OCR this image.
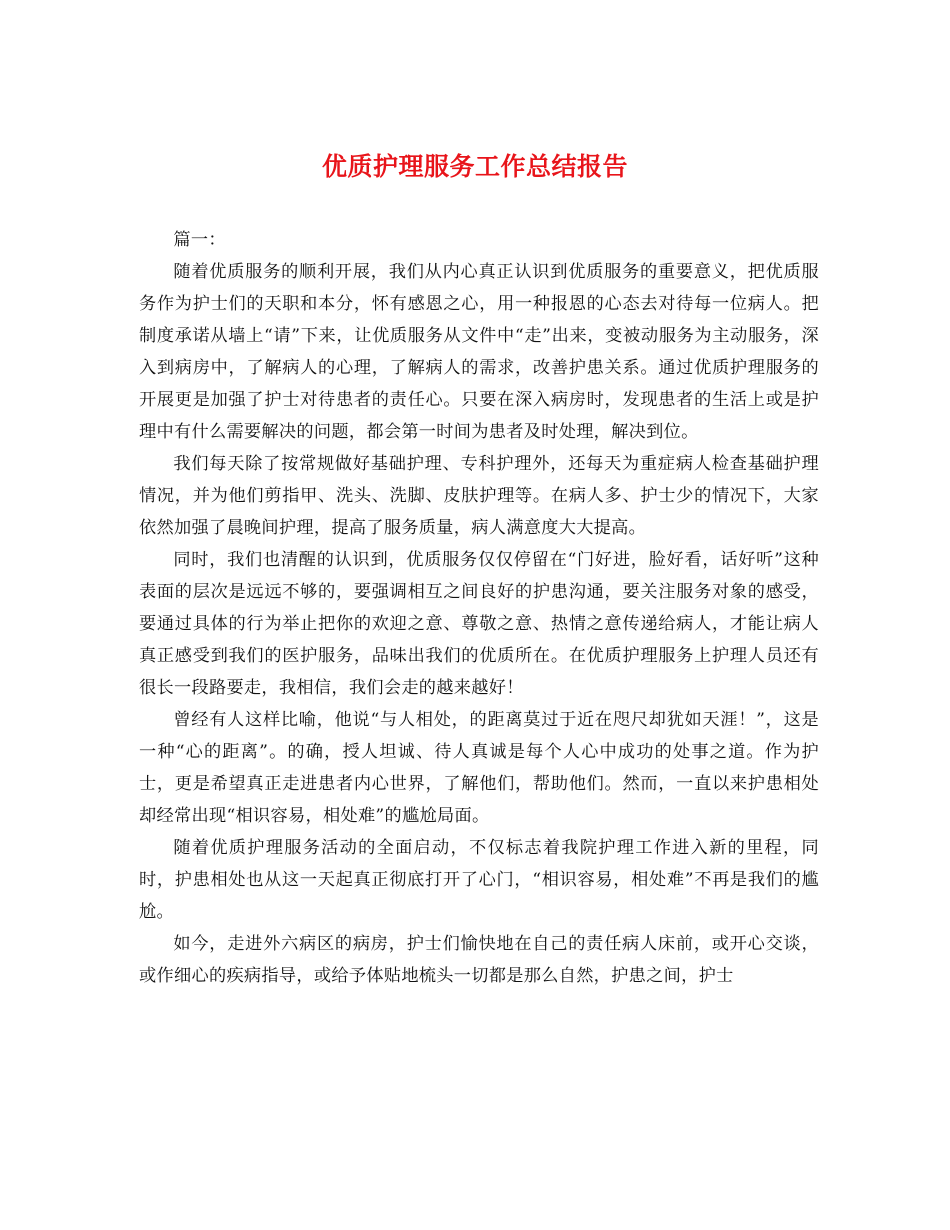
优质护理服务工作总结报告

篇一：

随着优质服务的顺利开展，我们从内心真正认识到优质服务的重要意义，把优质服务作为护士们的天职和本分，怀有感恩之心，用一种报恩的心态去对待每一位病人。把制度承诺从墙上“请”下来，让优质服务从文件中“走”出来，变被动服务为主动服务，深入到病房中，了解病人的心理，了解病人的需求，改善护患关系。通过优质护理服务的开展更是加强了护士对待患者的责任心。只要在深入病房时，发现患者的生活上或是护理中有什么需要解决的问题，都会第一时间为患者及时处理，解决到位。

我们每天除了按常规做好基础护理、专科护理外，还每天为重症病人检查基础护理情况，并为他们剪指甲、洗头、洗脚、皮肤护理等。在病人多、护士少的情况下，大家依然加强了晨晚间护理，提高了服务质量，病人满意度大大提高。

同时，我们也清醒的认识到，优质服务仅仅停留在“门好进，脸好看，话好听”这种表面的层次是远远不够的，要强调相互之间良好的护患沟通，要关注服务对象的感受，要通过具体的行为举止把你的欢迎之意、尊敬之意、热情之意传递给病人，才能让病人真正感受到我们的医护服务，品味出我们的优质所在。在优质护理服务上护理人员还有很长一段路要走，我相信，我们会走的越来越好！

曾经有人这样比喻，他说“与人相处，的距离莫过于近在咫尺却犹如天涯！”，这是一种“心的距离”。的确，授人坦诚、待人真诚是每个人心中成功的处事之道。作为护士，更是希望真正走进患者内心世界，了解他们，帮助他们。然而，一直以来护患相处却经常出现“相识容易，相处难”的尴尬局面。

随着优质护理服务活动的全面启动，不仅标志着我院护理工作进入新的里程，同时，护患相处也从这一天起真正彻底打开了心门，“相识容易，相处难”不再是我们的尴尬。

如今，走进外六病区的病房，护士们愉快地在自己的责任病人床前，或开心交谈，或作细心的疾病指导，或给予体贴地梳头一切都是那么自然，护患之间，护士
